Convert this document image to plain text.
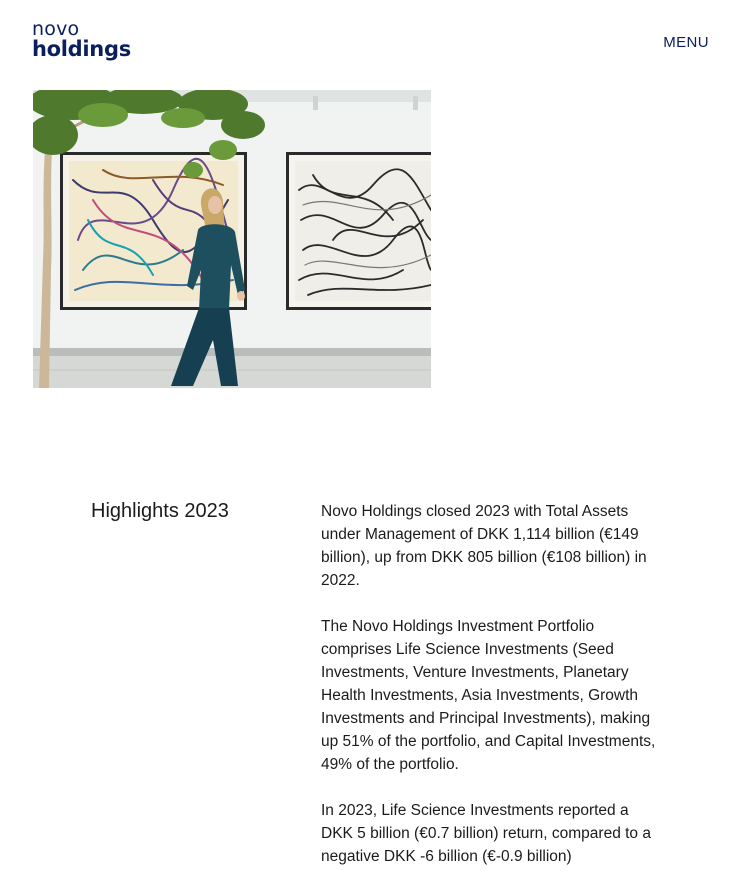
novo
holdings	MENU
Highlights 2023	Novo Holdings closed 2023 with Total Assets under Management of DKK 1,114 billion (€149 billion), up from DKK 805 billion (€108 billion) in 2022.

The Novo Holdings Investment Portfolio comprises Life Science Investments (Seed Investments, Venture Investments, Planetary Health Investments, Asia Investments, Growth Investments and Principal Investments), making up 51% of the portfolio, and Capital Investments, 49% of the portfolio.

In 2023, Life Science Investments reported a DKK 5 billion (€0.7 billion) return, compared to a negative DKK -6 billion (€-0.9 billion)
